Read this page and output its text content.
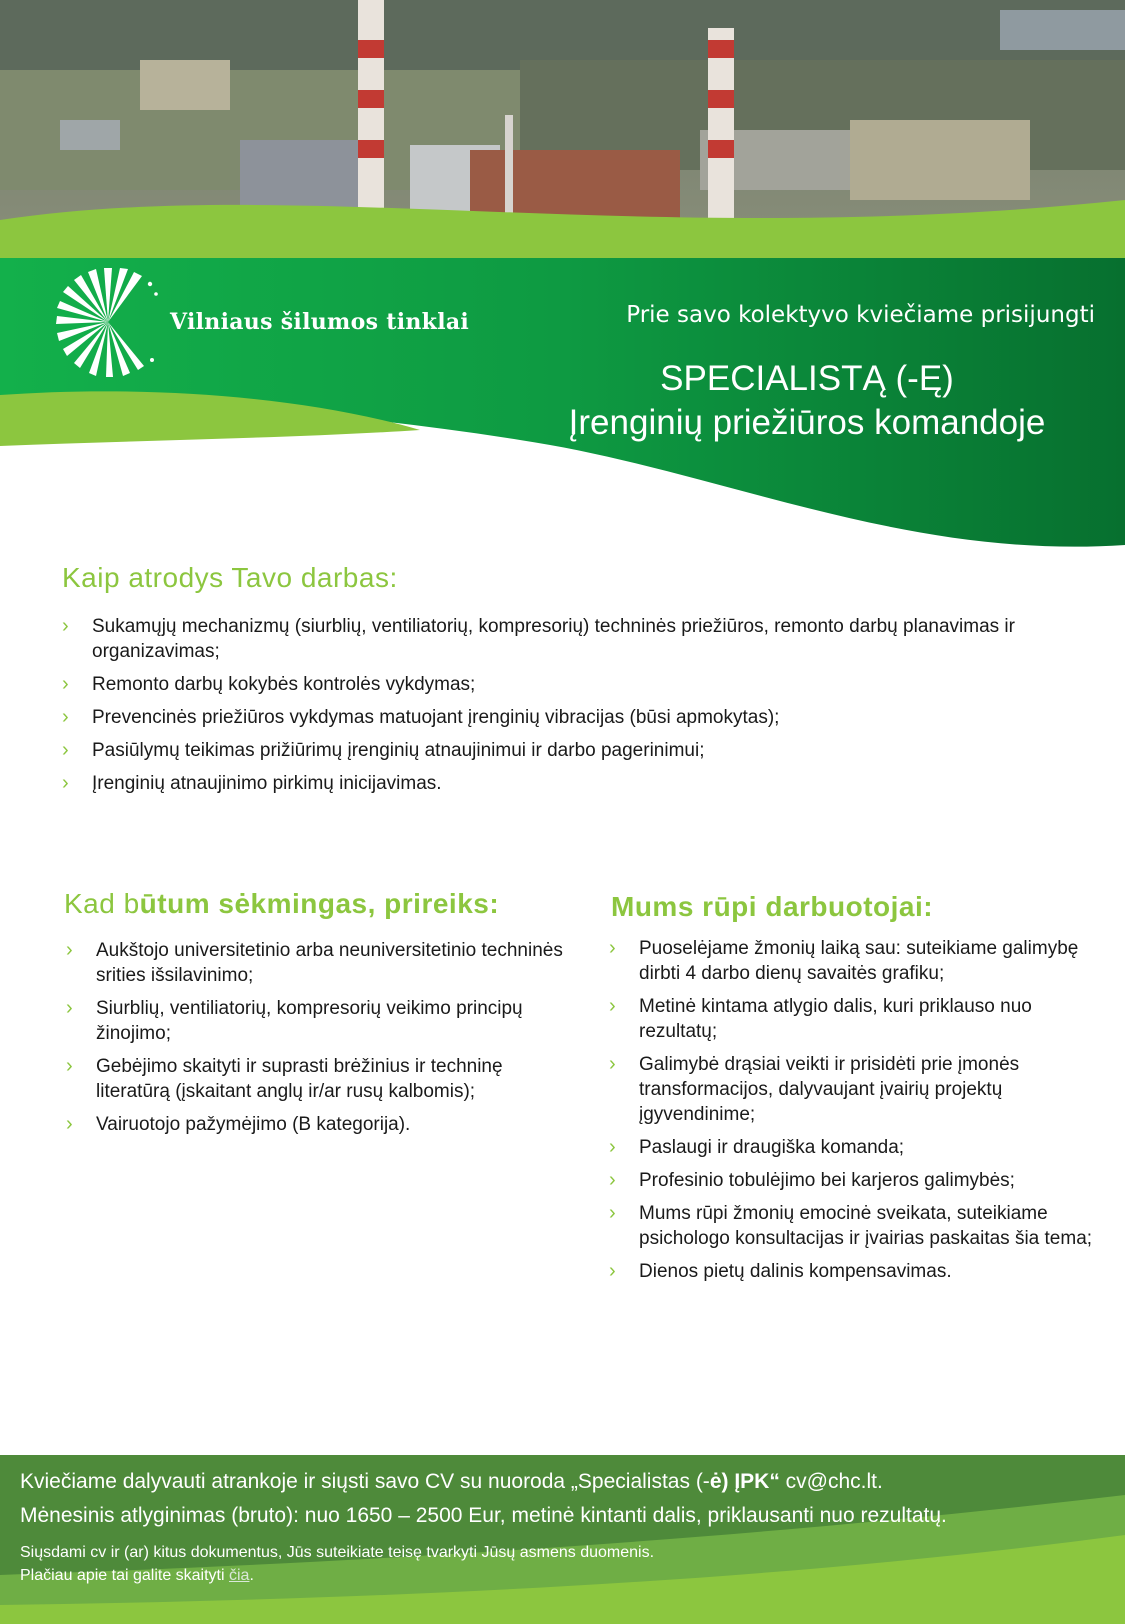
Vilniaus šilumos tinklai	Prie savo kolektyvo kviečiame prisijungti
SPECIALISTĄ (-Ę)
Įrenginių priežiūros komandoje
Kaip atrodys Tavo darbas:
› Sukamųjų mechanizmų (siurblių, ventiliatorių, kompresorių) techninės priežiūros, remonto darbų planavimas ir organizavimas;
› Remonto darbų kokybės kontrolės vykdymas;
› Prevencinės priežiūros vykdymas matuojant įrenginių vibracijas (būsi apmokytas);
› Pasiūlymų teikimas prižiūrimų įrenginių atnaujinimui ir darbo pagerinimui;
› Įrenginių atnaujinimo pirkimų inicijavimas.
Kad būtum sėkmingas, prireiks:
› Aukštojo universitetinio arba neuniversitetinio techninės srities išsilavinimo;
› Siurblių, ventiliatorių, kompresorių veikimo principų žinojimo;
› Gebėjimo skaityti ir suprasti brėžinius ir techninę literatūrą (įskaitant anglų ir/ar rusų kalbomis);
› Vairuotojo pažymėjimo (B kategorija).
Mums rūpi darbuotojai:
› Puoselėjame žmonių laiką sau: suteikiame galimybę dirbti 4 darbo dienų savaitės grafiku;
› Metinė kintama atlygio dalis, kuri priklauso nuo rezultatų;
› Galimybė drąsiai veikti ir prisidėti prie įmonės transformacijos, dalyvaujant įvairių projektų įgyvendinime;
› Paslaugi ir draugiška komanda;
› Profesinio tobulėjimo bei karjeros galimybės;
› Mums rūpi žmonių emocinė sveikata, suteikiame psichologo konsultacijas ir įvairias paskaitas šia tema;
› Dienos pietų dalinis kompensavimas.
Kviečiame dalyvauti atrankoje ir siųsti savo CV su nuoroda „Specialistas (-ė) ĮPK“ cv@chc.lt.
Mėnesinis atlyginimas (bruto): nuo 1650 – 2500 Eur, metinė kintanti dalis, priklausanti nuo rezultatų.
Siųsdami cv ir (ar) kitus dokumentus, Jūs suteikiate teisę tvarkyti Jūsų asmens duomenis.
Plačiau apie tai galite skaityti čia.
